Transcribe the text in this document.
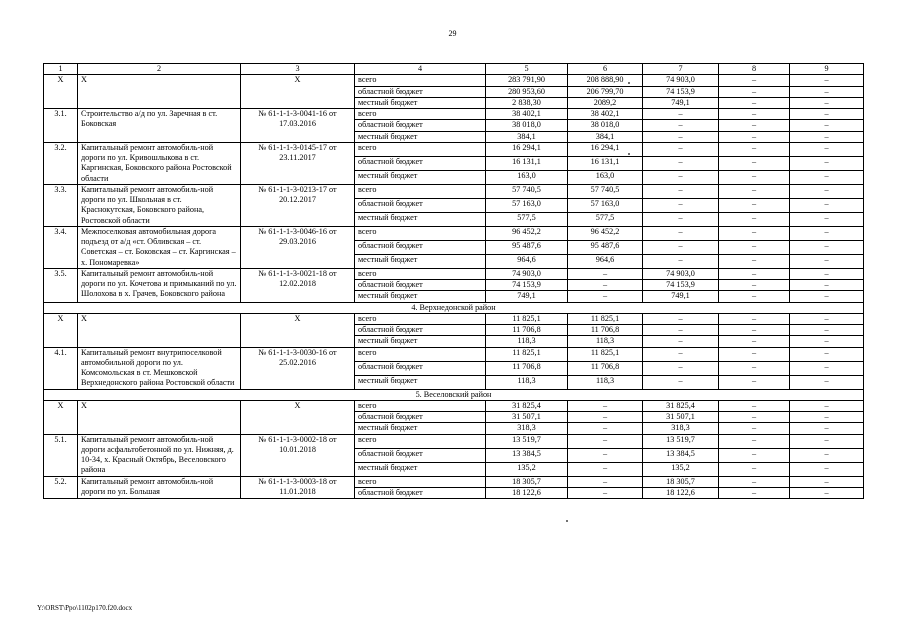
29
1	2	3	4	5	6	7	8	9
Х	Х	Х	всего	283 791,90	208 888,90	74 903,0	–	–
			областной бюджет	280 953,60	206 799,70	74 153,9	–	–
			местный бюджет	2 838,30	2089,2	749,1	–	–
3.1.	Строительство а/д по ул. Заречная в ст. Боковская	№ 61-1-1-3-0041-16 от 17.03.2016	всего	38 402,1	38 402,1	–	–	–
			областной бюджет	38 018,0	38 018,0	–	–	–
			местный бюджет	384,1	384,1	–	–	–
3.2.	Капитальный ремонт автомобиль-ной дороги по ул. Кривошлыкова в ст. Каргинская, Боковского района Ростовской области	№ 61-1-1-3-0145-17 от 23.11.2017	всего	16 294,1	16 294,1	–	–	–
			областной бюджет	16 131,1	16 131,1	–	–	–
			местный бюджет	163,0	163,0	–	–	–
3.3.	Капитальный ремонт автомобиль-ной дороги по ул. Школьная в ст. Краснокутская, Боковского района, Ростовской области	№ 61-1-1-3-0213-17 от 20.12.2017	всего	57 740,5	57 740,5	–	–	–
			областной бюджет	57 163,0	57 163,0	–	–	–
			местный бюджет	577,5	577,5	–	–	–
3.4.	Межпоселковая автомобильная дорога подъезд от а/д «ст. Обливская – ст. Советская – ст. Боковская – ст. Каргинская – х. Пономаревка»	№ 61-1-1-3-0046-16 от 29.03.2016	всего	96 452,2	96 452,2	–	–	–
			областной бюджет	95 487,6	95 487,6	–	–	–
			местный бюджет	964,6	964,6	–	–	–
3.5.	Капитальный ремонт автомобиль-ной дороги по ул. Кочетова и примыканий по ул. Шолохова в х. Грачев, Боковского района	№ 61-1-1-3-0021-18 от 12.02.2018	всего	74 903,0	–	74 903,0	–	–
			областной бюджет	74 153,9	–	74 153,9	–	–
			местный бюджет	749,1	–	749,1	–	–
4. Верхнедонской район								
Х	Х	Х	всего	11 825,1	11 825,1	–	–	–
			областной бюджет	11 706,8	11 706,8	–	–	–
			местный бюджет	118,3	118,3	–	–	–
4.1.	Капитальный ремонт внутрипоселковой автомобильной дороги по ул. Комсомольская в ст. Мешковской Верхнедонского района Ростовской области	№ 61-1-1-3-0030-16 от 25.02.2016	всего	11 825,1	11 825,1	–	–	–
			областной бюджет	11 706,8	11 706,8	–	–	–
			местный бюджет	118,3	118,3	–	–	–
5. Веселовский район								
Х	Х	Х	всего	31 825,4	–	31 825,4	–	–
			областной бюджет	31 507,1	–	31 507,1	–	–
			местный бюджет	318,3	–	318,3	–	–
5.1.	Капитальный ремонт автомобиль-ной дороги асфальтобетонной по ул. Нижняя, д. 10-34, х. Красный Октябрь, Веселовского района	№ 61-1-1-3-0002-18 от 10.01.2018	всего	13 519,7	–	13 519,7	–	–
			областной бюджет	13 384,5	–	13 384,5	–	–
			местный бюджет	135,2	–	135,2	–	–
5.2.	Капитальный ремонт автомобиль-ной дороги по ул. Большая	№ 61-1-1-3-0003-18 от 11.01.2018	всего	18 305,7	–	18 305,7	–	–
			областной бюджет	18 122,6	–	18 122,6	–	–
Y:\ORST\Ppo\1102p170.f20.docx
